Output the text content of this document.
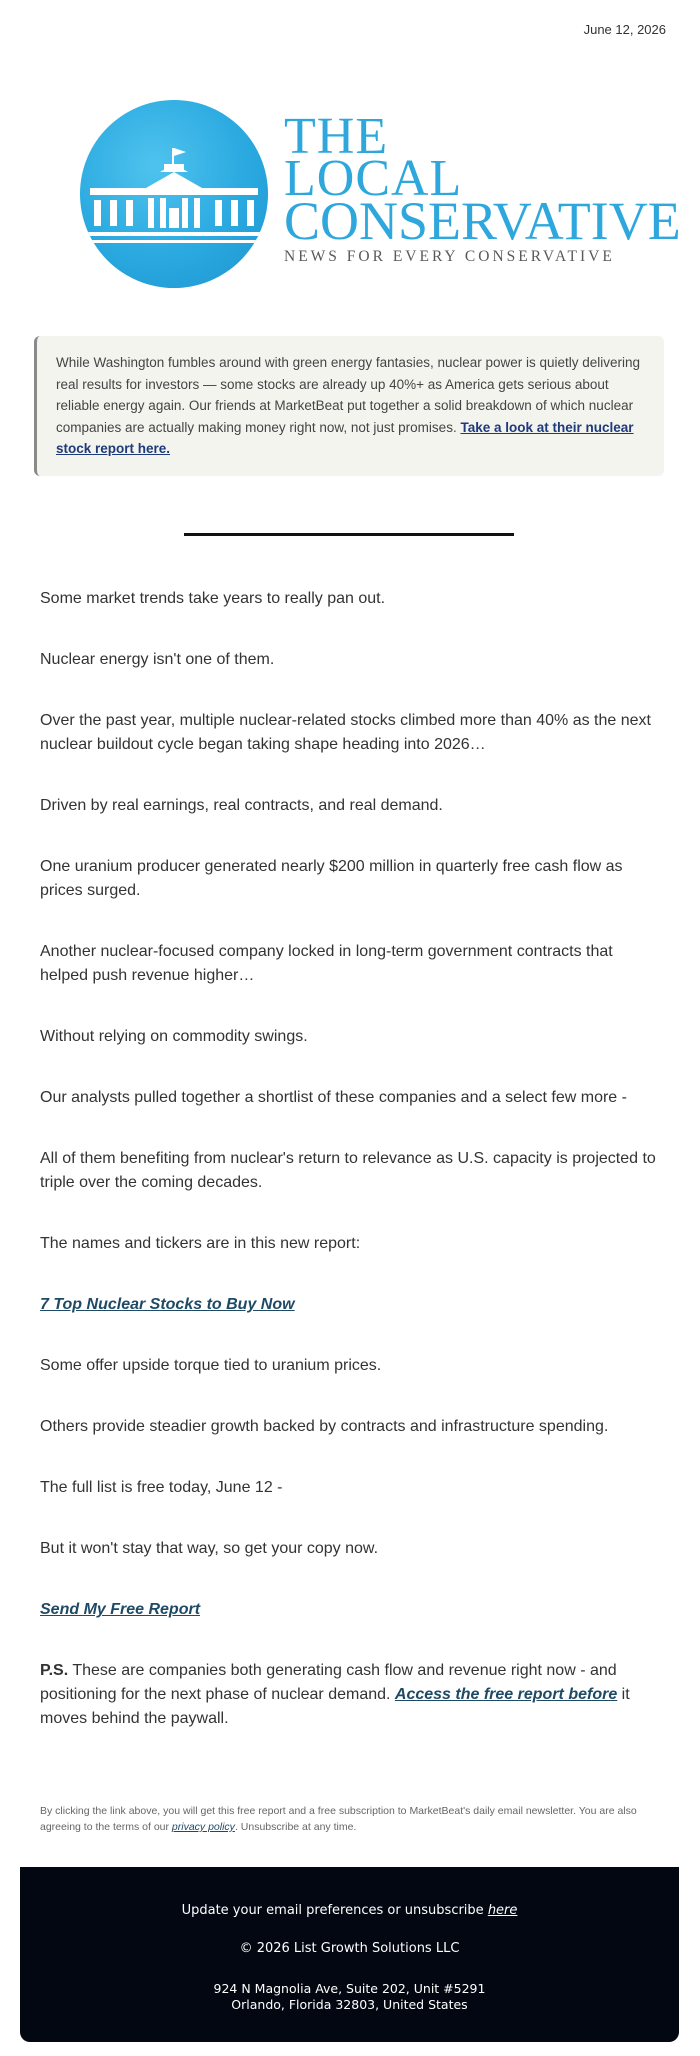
June 12, 2026
THE
LOCAL
CONSERVATIVE
NEWS FOR EVERY CONSERVATIVE
While Washington fumbles around with green energy fantasies, nuclear power is quietly delivering real results for investors — some stocks are already up 40%+ as America gets serious about reliable energy again. Our friends at MarketBeat put together a solid breakdown of which nuclear companies are actually making money right now, not just promises. Take a look at their nuclear stock report here.
Some market trends take years to really pan out.
Nuclear energy isn't one of them.
Over the past year, multiple nuclear-related stocks climbed more than 40% as the next nuclear buildout cycle began taking shape heading into 2026…
Driven by real earnings, real contracts, and real demand.
One uranium producer generated nearly $200 million in quarterly free cash flow as prices surged.
Another nuclear-focused company locked in long-term government contracts that helped push revenue higher…
Without relying on commodity swings.
Our analysts pulled together a shortlist of these companies and a select few more -
All of them benefiting from nuclear's return to relevance as U.S. capacity is projected to triple over the coming decades.
The names and tickers are in this new report:
7 Top Nuclear Stocks to Buy Now
Some offer upside torque tied to uranium prices.
Others provide steadier growth backed by contracts and infrastructure spending.
The full list is free today, June 12 -
But it won't stay that way, so get your copy now.
Send My Free Report
P.S. These are companies both generating cash flow and revenue right now - and positioning for the next phase of nuclear demand. Access the free report before it moves behind the paywall.
By clicking the link above, you will get this free report and a free subscription to MarketBeat's daily email newsletter. You are also agreeing to the terms of our privacy policy. Unsubscribe at any time.
Update your email preferences or unsubscribe here
© 2026 List Growth Solutions LLC
924 N Magnolia Ave, Suite 202, Unit #5291
Orlando, Florida 32803, United States
